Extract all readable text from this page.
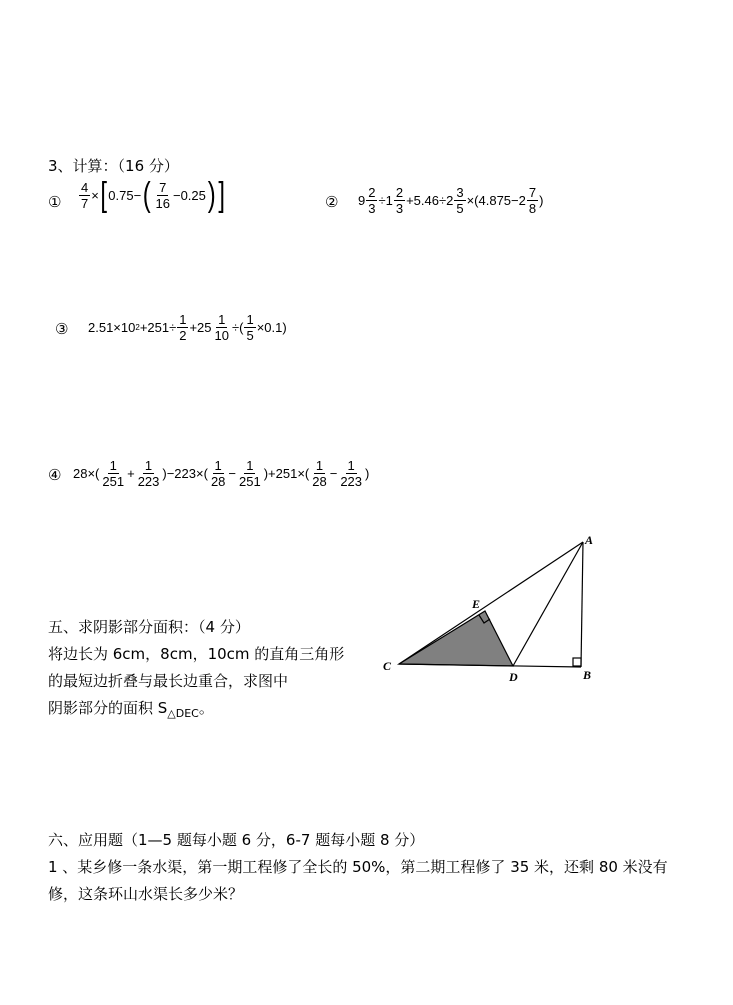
3、计算：（16 分）
① $\frac{4}{7}$ × [ 0.75− ( $\frac{7}{16} -0.25$ ) ]	② $9 \frac{2}{3} \div 1 \frac{2}{3} +5.46\div 2 \frac{3}{5} \times(4.875-2 \frac{7}{8}$ )
③ 2.51×10 $2 +251\div \frac{1}{2} +25 \frac{1}{10}$ ÷( $\frac{1}{5} \times 0.1$)
④ $28\times( \frac{1}{251} + \frac{1}{223} )-223\times( \frac{1}{28} - \frac{1}{251} )+251\times( \frac{1}{28} - \frac{1}{223}$ )
五、求阴影部分面积：（4 分）
将边长为 6cm，8cm，10cm 的直角三角形
的最短边折叠与最长边重合，求图中
阴影部分的面积 $S_{\triangle DEC}$。
A
B
C
D
E
六、应用题（1—5 题每小题 6 分，6-7 题每小题 8 分）
1 、某乡修一条水渠，第一期工程修了全长的 50%，第二期工程修了 35 米，还剩 80 米没有
修，这条环山水渠长多少米？
